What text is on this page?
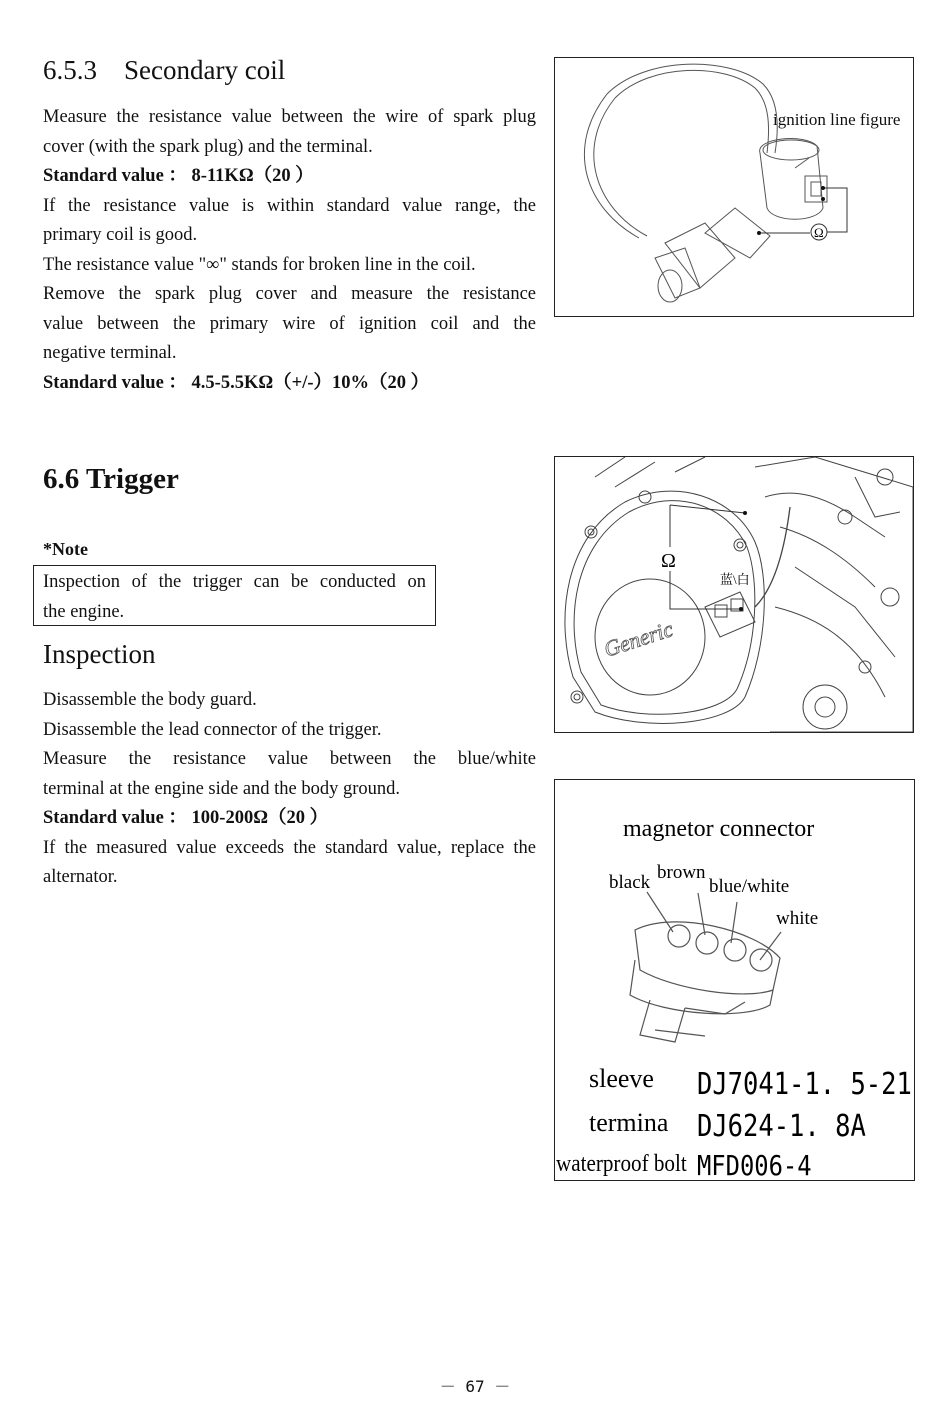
6.5.3    Secondary coil
Measure the resistance value between the wire of spark plug
cover (with the spark plug) and the terminal.
Standard value ： 8-11KΩ（20 ）
If the resistance value is within standard value range, the
primary coil is good.
The resistance value "∞" stands for broken line in the coil.
Remove the spark plug cover and measure the resistance
value between the primary wire of ignition coil and the
negative terminal.
Standard value ： 4.5-5.5KΩ（+/-）10%（20 ）
Ω
ignition line figure
6.6 Trigger
*Note
Inspection of the trigger can be conducted on
the engine.
Inspection
Disassemble the body guard.
Disassemble the lead connector of the trigger.
Measure the resistance value between the blue/white
terminal at the engine side and the body ground.
Standard value ： 100-200Ω（20 ）
If the measured value exceeds the standard value, replace the
alternator.
Ω
蓝\白
Generic
magnetor connector
black brown
blue/white
white
sleeve DJ7041-1. 5-21
termina DJ624-1. 8A
waterproof bolt MFD006-4
－ 67 －
